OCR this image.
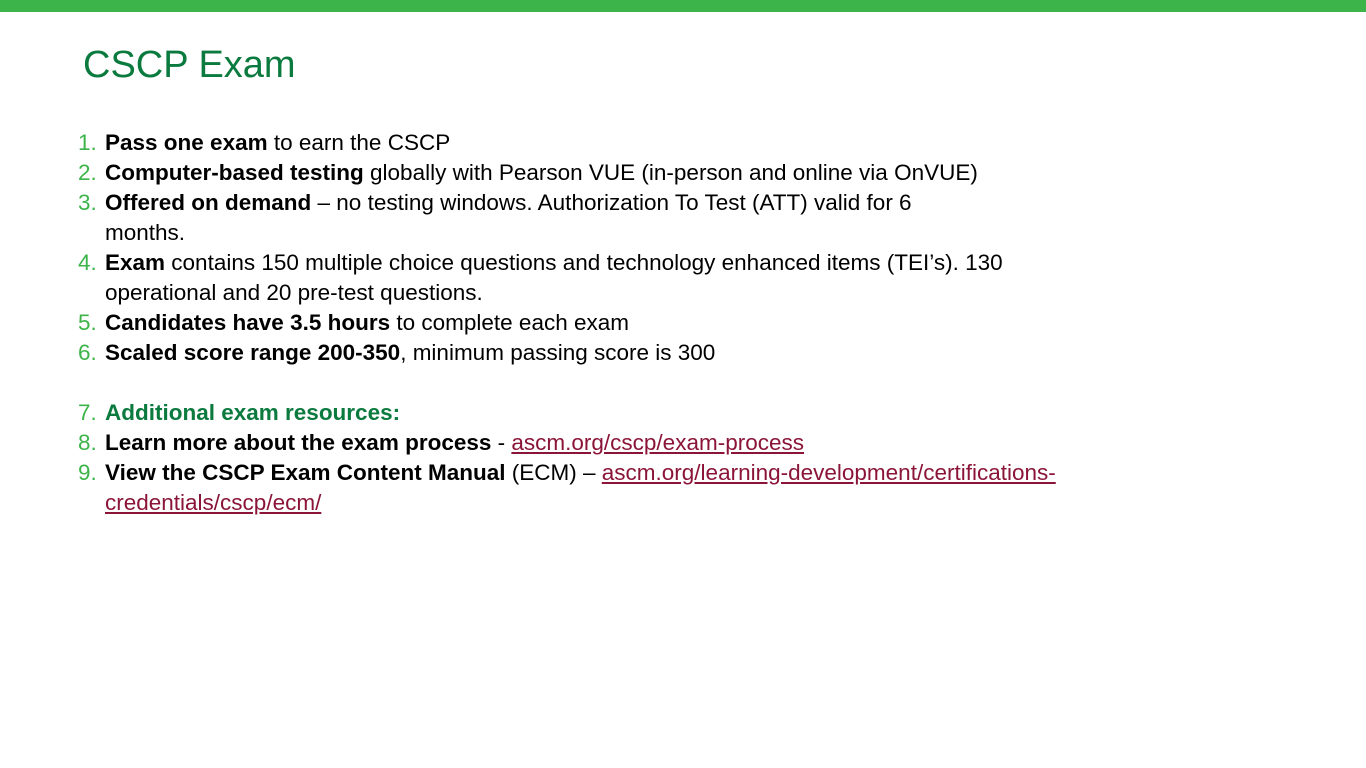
CSCP Exam
1. Pass one exam to earn the CSCP
2. Computer-based testing globally with Pearson VUE (in-person and online via OnVUE)
3. Offered on demand – no testing windows. Authorization To Test (ATT) valid for 6
months.
4. Exam contains 150 multiple choice questions and technology enhanced items (TEI’s). 130
operational and 20 pre-test questions.
5. Candidates have 3.5 hours to complete each exam
6. Scaled score range 200-350, minimum passing score is 300
7. Additional exam resources:
8. Learn more about the exam process - ascm.org/cscp/exam-process
9. View the CSCP Exam Content Manual (ECM) – ascm.org/learning-development/certifications- credentials/cscp/ecm/
